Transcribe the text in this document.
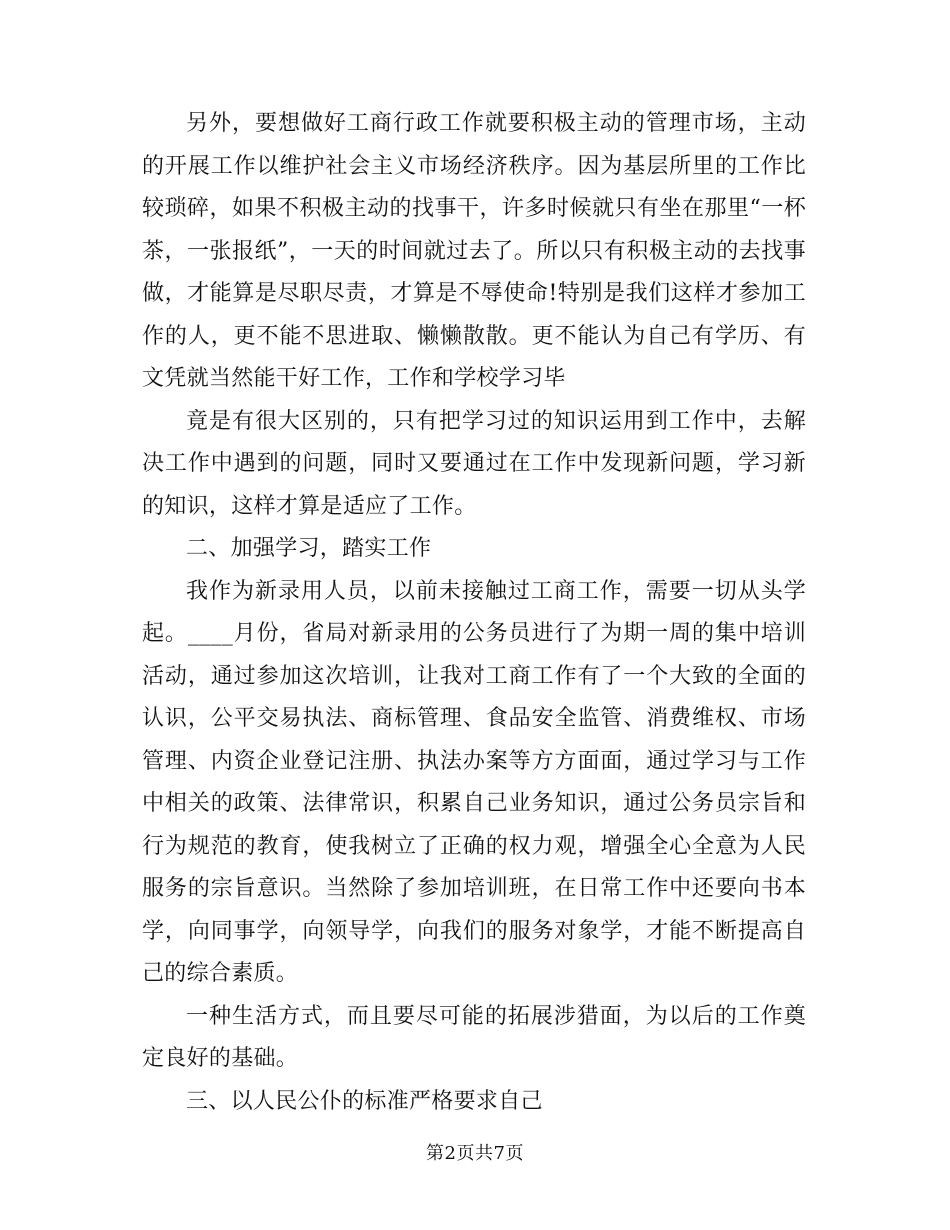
另外，要想做好工商行政工作就要积极主动的管理市场，主动的开展工作以维护社会主义市场经济秩序。因为基层所里的工作比较琐碎，如果不积极主动的找事干，许多时候就只有坐在那里“一杯茶，一张报纸”，一天的时间就过去了。所以只有积极主动的去找事做，才能算是尽职尽责，才算是不辱使命!特别是我们这样才参加工作的人，更不能不思进取、懒懒散散。更不能认为自己有学历、有文凭就当然能干好工作，工作和学校学习毕

竟是有很大区别的，只有把学习过的知识运用到工作中，去解决工作中遇到的问题，同时又要通过在工作中发现新问题，学习新的知识，这样才算是适应了工作。

二、加强学习，踏实工作

我作为新录用人员，以前未接触过工商工作，需要一切从头学起。____月份，省局对新录用的公务员进行了为期一周的集中培训活动，通过参加这次培训，让我对工商工作有了一个大致的全面的认识，公平交易执法、商标管理、食品安全监管、消费维权、市场管理、内资企业登记注册、执法办案等方方面面，通过学习与工作中相关的政策、法律常识，积累自己业务知识，通过公务员宗旨和行为规范的教育，使我树立了正确的权力观，增强全心全意为人民服务的宗旨意识。当然除了参加培训班，在日常工作中还要向书本学，向同事学，向领导学，向我们的服务对象学，才能不断提高自己的综合素质。

一种生活方式，而且要尽可能的拓展涉猎面，为以后的工作奠定良好的基础。

三、以人民公仆的标准严格要求自己

第2页共7页
